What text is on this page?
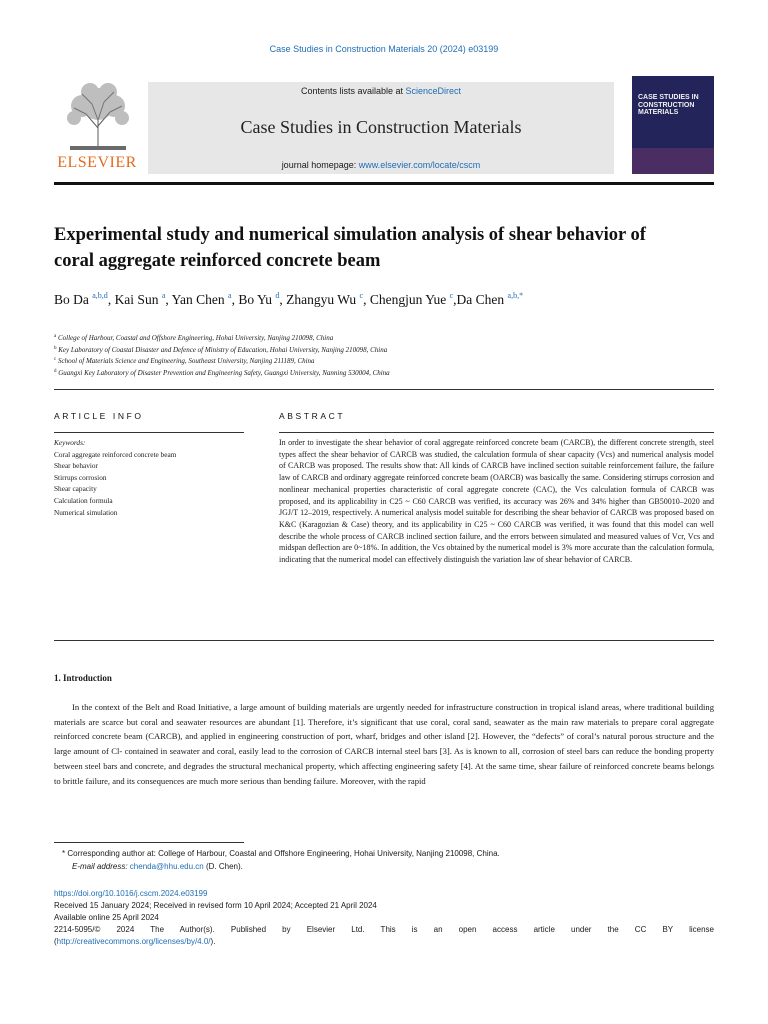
Case Studies in Construction Materials 20 (2024) e03199
ELSEVIER
Contents lists available at ScienceDirect
Case Studies in Construction Materials
journal homepage: www.elsevier.com/locate/cscm
CASE STUDIES IN CONSTRUCTION MATERIALS
Experimental study and numerical simulation analysis of shear behavior of coral aggregate reinforced concrete beam
Bo Da $^{a,b,d}$, Kai Sun $^a$, Yan Chen $^a$, Bo Yu $^d$, Zhangyu Wu $^c$, Chengjun Yue $^c$,Da Chen $^{a,b,*}$
$^a$ College of Harbour, Coastal and Offshore Engineering, Hohai University, Nanjing 210098, China
$^b$ Key Laboratory of Coastal Disaster and Defence of Ministry of Education, Hohai University, Nanjing 210098, China
$^c$ School of Materials Science and Engineering, Southeast University, Nanjing 211189, China
$^d$ Guangxi Key Laboratory of Disaster Prevention and Engineering Safety, Guangxi University, Nanning 530004, China
ARTICLE INFO	ABSTRACT
Keywords:
Coral aggregate reinforced concrete beam
Shear behavior
Stirrups corrosion
Shear capacity
Calculation formula
Numerical simulation

In order to investigate the shear behavior of coral aggregate reinforced concrete beam (CARCB), the different concrete strength, steel types affect the shear behavior of CARCB was studied, the calculation formula of shear capacity (Vcs) and numerical analysis model of CARCB was proposed. The results show that: All kinds of CARCB have inclined section suitable reinforcement failure, the failure law of CARCB and ordinary aggregate reinforced concrete beam (OARCB) was basically the same. Considering stirrups corrosion and nonlinear mechanical properties characteristic of coral aggregate concrete (CAC), the Vcs calculation formula of CARCB was proposed, and its applicability in C25 ~ C60 CARCB was verified, its accuracy was 26% and 34% higher than GB50010–2020 and JGJ/T 12–2019, respectively. A numerical analysis model suitable for describing the shear behavior of CARCB was proposed based on K&C (Karagozian & Case) theory, and its applicability in C25 ~ C60 CARCB was verified, it was found that this model can well describe the whole process of CARCB inclined section failure, and the errors between simulated and measured values of Vcr, Vcs and midspan deflection are 0~18%. In addition, the Vcs obtained by the numerical model is 3% more accurate than the calculation formula, indicating that the numerical model can effectively distinguish the variation law of shear behavior of CARCB.

1. Introduction

In the context of the Belt and Road Initiative, a large amount of building materials are urgently needed for infrastructure construction in tropical island areas, where traditional building materials are scarce but coral and seawater resources are abundant [1]. Therefore, it’s significant that use coral, coral sand, seawater as the main raw materials to prepare coral aggregate reinforced concrete beam (CARCB), and applied in engineering construction of port, wharf, bridges and other island [2]. However, the “defects” of coral’s natural porous structure and the large amount of Cl- contained in seawater and coral, easily lead to the corrosion of CARCB internal steel bars [3]. As is known to all, corrosion of steel bars can reduce the bonding property between steel bars and concrete, and degrades the structural mechanical property, which affecting engineering safety [4]. At the same time, shear failure of reinforced concrete beams belongs to brittle failure, and its consequences are much more serious than bending failure. Moreover, with the rapid

* Corresponding author at: College of Harbour, Coastal and Offshore Engineering, Hohai University, Nanjing 210098, China.
E-mail address: chenda@hhu.edu.cn (D. Chen).
https://doi.org/10.1016/j.cscm.2024.e03199
Received 15 January 2024; Received in revised form 10 April 2024; Accepted 21 April 2024
Available online 25 April 2024
2214-5095/© 2024 The Author(s). Published by Elsevier Ltd. This is an open access article under the CC BY license
(http://creativecommons.org/licenses/by/4.0/).
